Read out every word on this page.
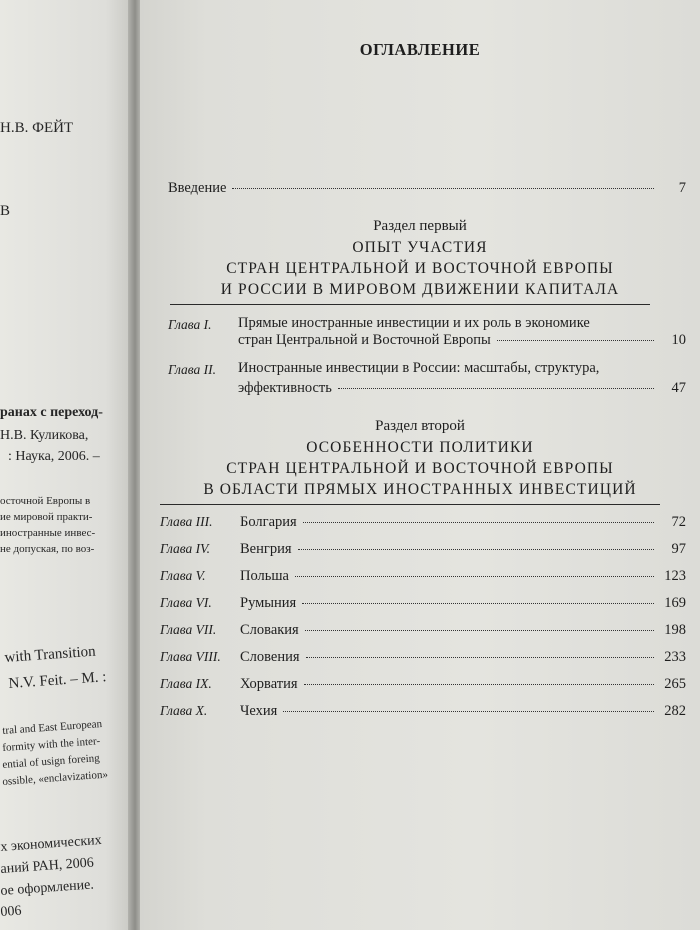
Н.В. ФЕЙТ
В
ранах с переход-
Н.В. Куликова,
: Наука, 2006. –
осточной Европы в
ие мировой практи-
иностранные инвес-
не допуская, по воз-
with Transition
N.V. Feit. – M. :
tral and East European
formity with the inter-
ential of usign foreing
ossible, «enclavization»
х экономических
аний РАН, 2006
ое оформление.
006
ОГЛАВЛЕНИЕ
Введение	7
Раздел первый
ОПЫТ УЧАСТИЯ
СТРАН ЦЕНТРАЛЬНОЙ И ВОСТОЧНОЙ ЕВРОПЫ
И РОССИИ В МИРОВОМ ДВИЖЕНИИ КАПИТАЛА
Глава I. Прямые иностранные инвестиции и их роль в экономике
стран Центральной и Восточной Европы	10
Глава II. Иностранные инвестиции в России: масштабы, структура,
эффективность	47
Раздел второй
ОСОБЕННОСТИ ПОЛИТИКИ
СТРАН ЦЕНТРАЛЬНОЙ И ВОСТОЧНОЙ ЕВРОПЫ
В ОБЛАСТИ ПРЯМЫХ ИНОСТРАННЫХ ИНВЕСТИЦИЙ
Глава III.	Болгария	72
Глава IV.	Венгрия	97
Глава V.	Польша	123
Глава VI.	Румыния	169
Глава VII.	Словакия	198
Глава VIII.	Словения	233
Глава IX.	Хорватия	265
Глава X.	Чехия	282
